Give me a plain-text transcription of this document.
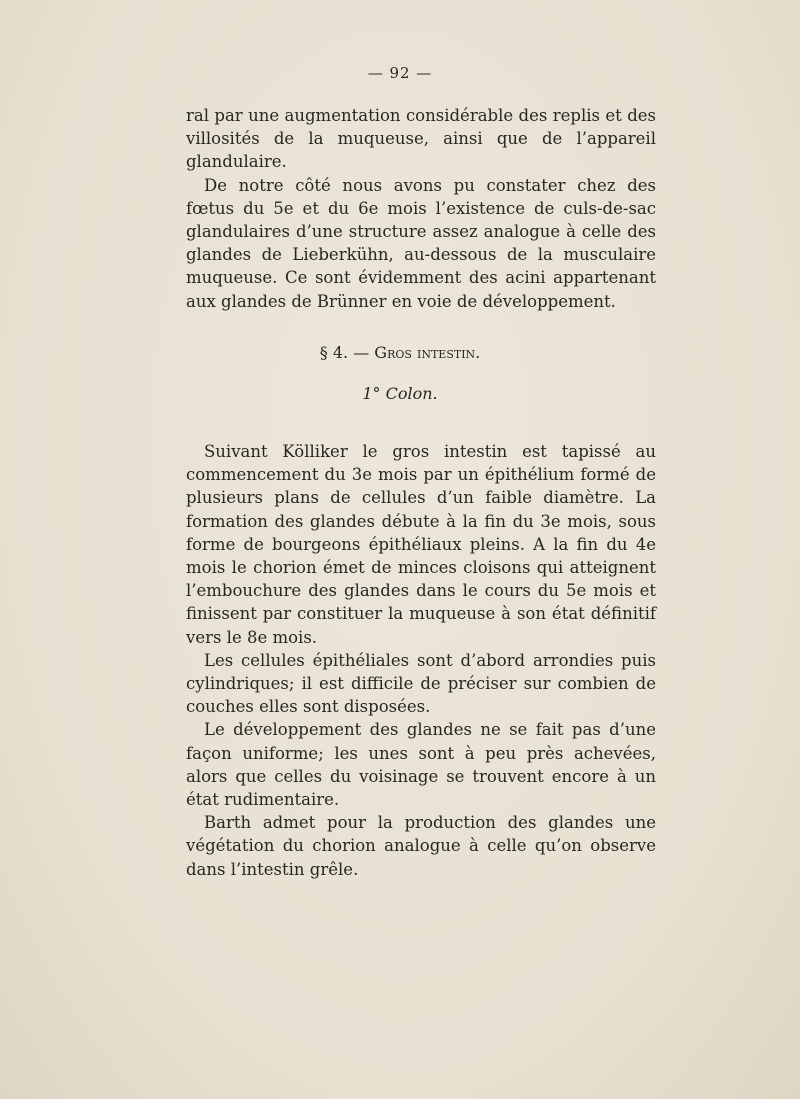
— 92 —

ral par une augmentation considérable des replis et des villosités de la muqueuse, ainsi que de l’appareil glandulaire.

De notre côté nous avons pu constater chez des fœtus du 5e et du 6e mois l’existence de culs-de-sac glandulaires d’une structure assez analogue à celle des glandes de Lieberkühn, au-dessous de la musculaire muqueuse. Ce sont évidemment des acini appartenant aux glandes de Brünner en voie de développement.

§ 4. — Gros intestin.
1° Colon.

Suivant Kölliker le gros intestin est tapissé au commencement du 3e mois par un épithélium formé de plusieurs plans de cellules d’un faible diamètre. La formation des glandes débute à la fin du 3e mois, sous forme de bourgeons épithéliaux pleins. A la fin du 4e mois le chorion émet de minces cloisons qui atteignent l’embouchure des glandes dans le cours du 5e mois et finissent par constituer la muqueuse à son état définitif vers le 8e mois.

Les cellules épithéliales sont d’abord arrondies puis cylindriques; il est difficile de préciser sur combien de couches elles sont disposées.

Le développement des glandes ne se fait pas d’une façon uniforme; les unes sont à peu près achevées, alors que celles du voisinage se trouvent encore à un état rudimentaire.

Barth admet pour la production des glandes une végétation du chorion analogue à celle qu’on observe dans l’intestin grêle.
